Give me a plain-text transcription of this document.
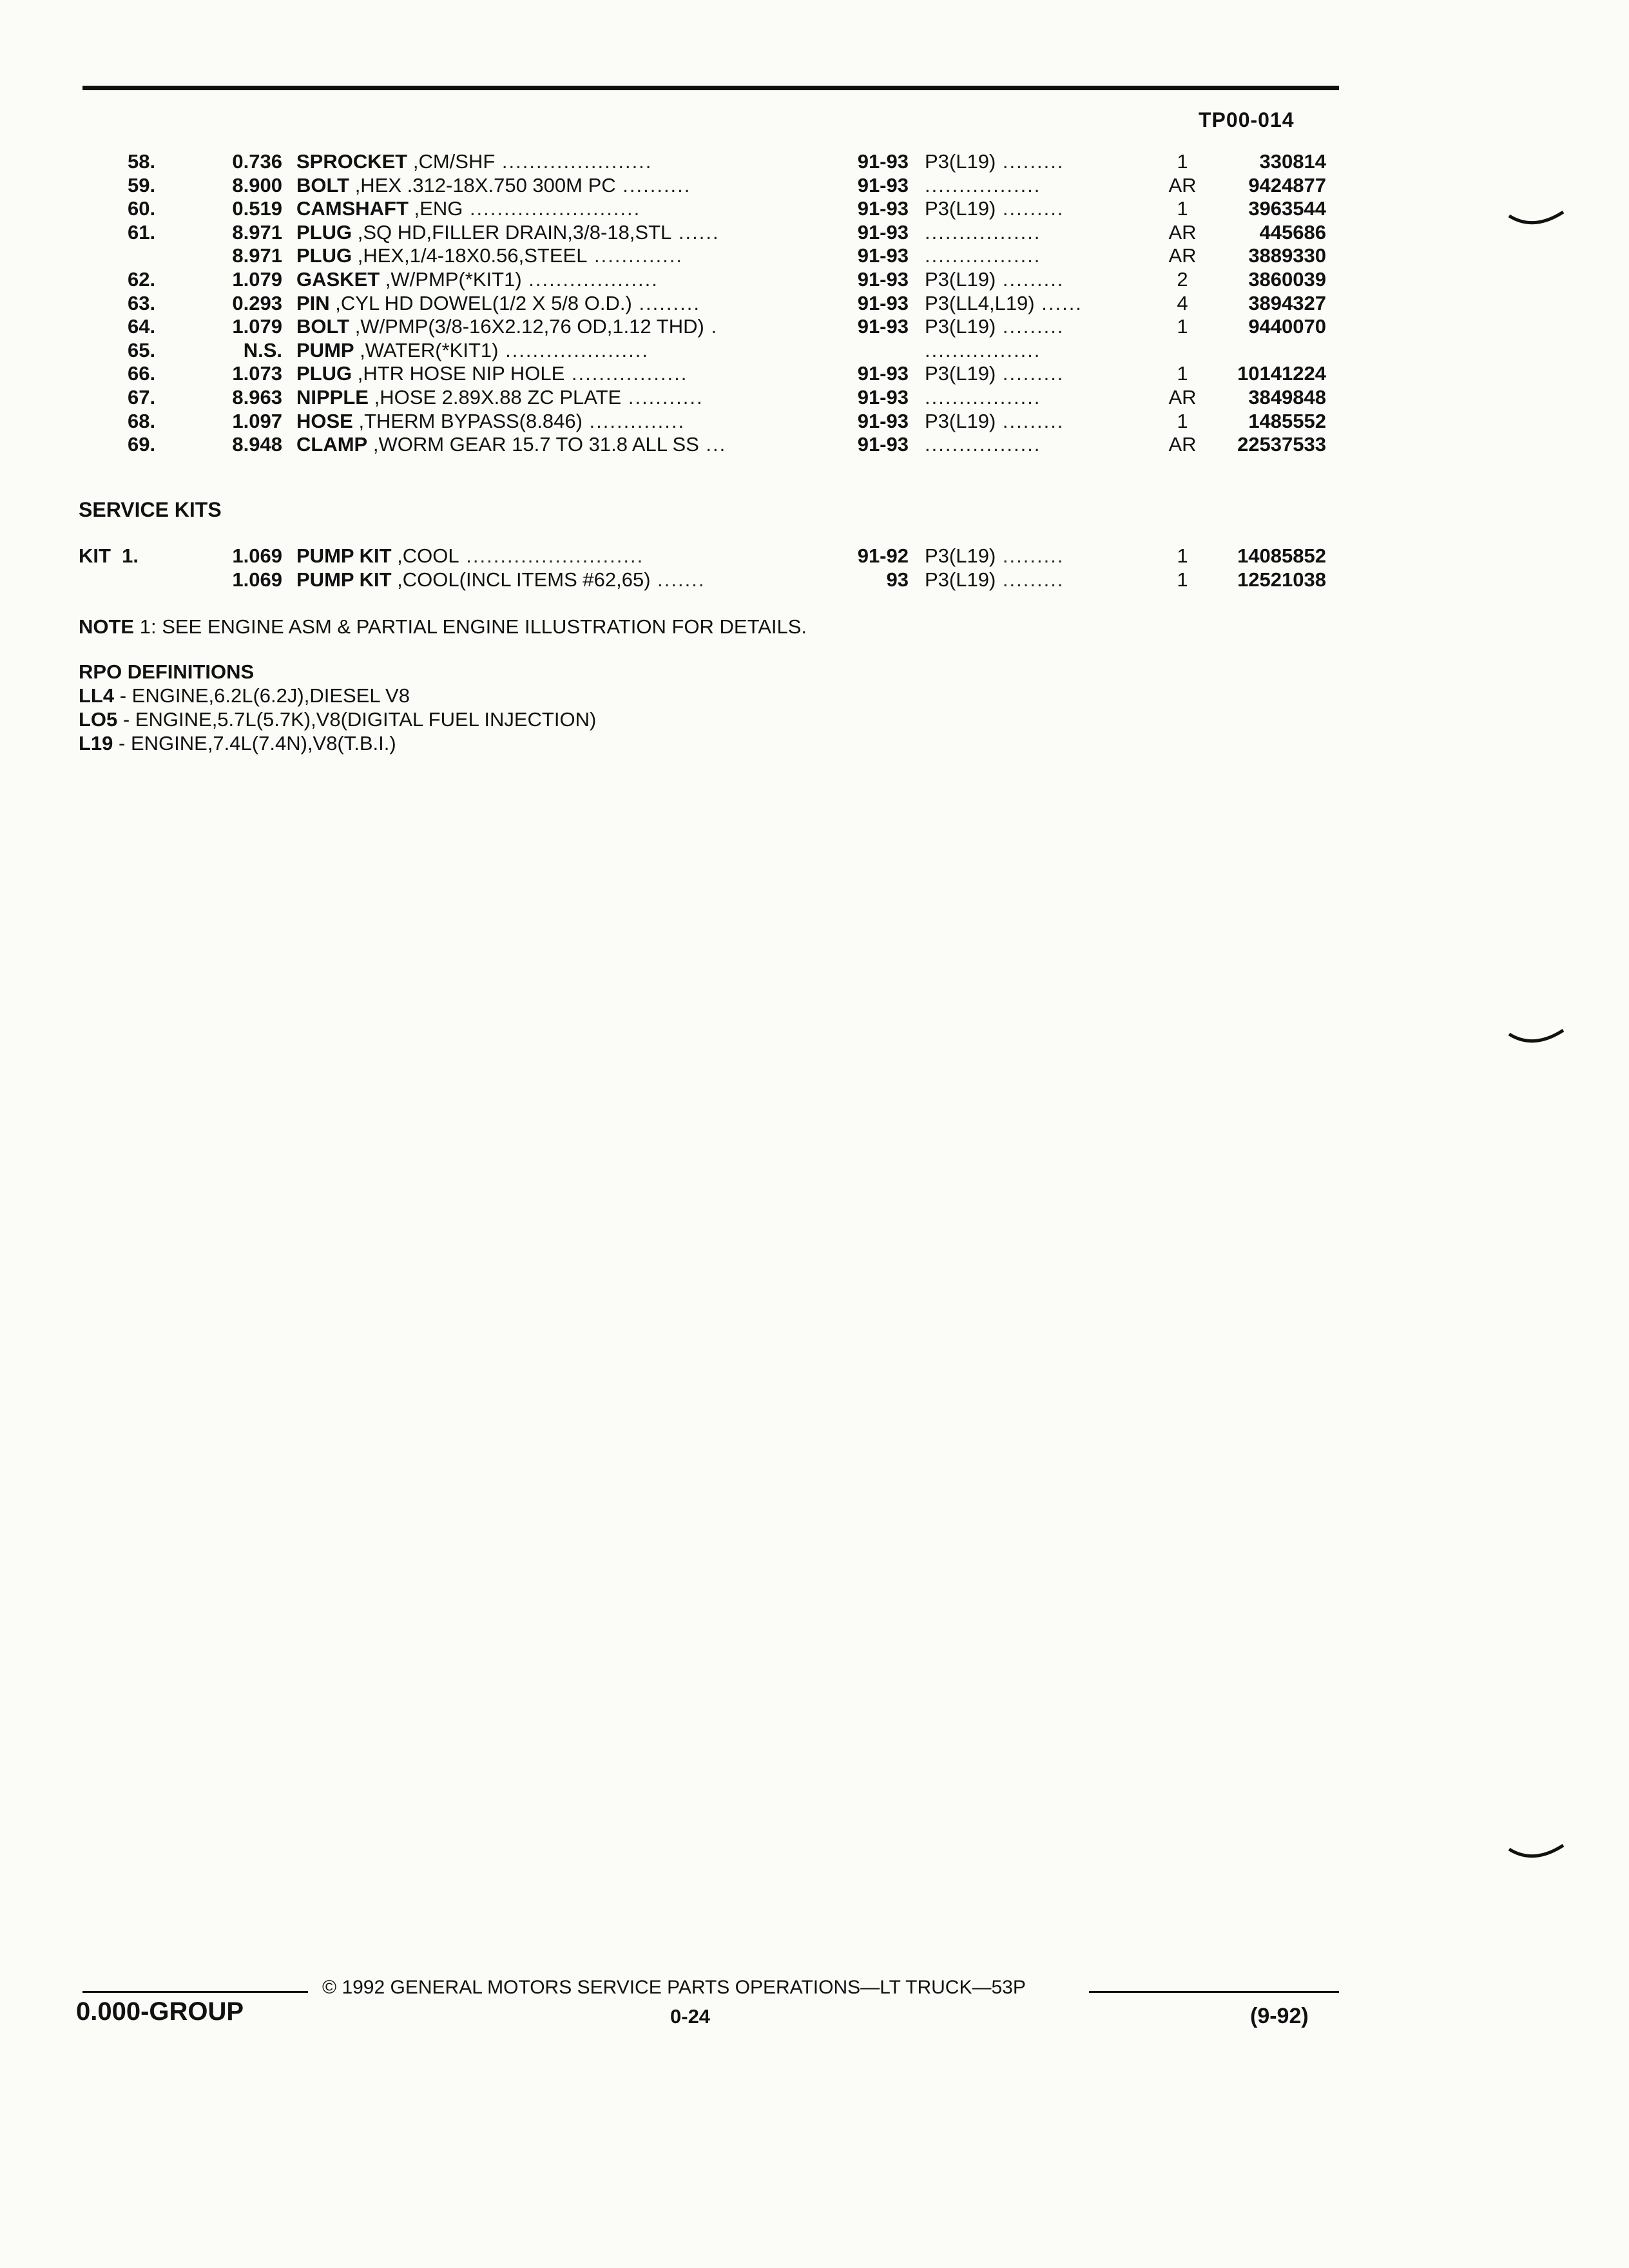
TP00-014
58.	0.736 SPROCKET ,CM/SHF ......................	91-93 P3(L19) .........	1	330814
59.	8.900 BOLT ,HEX .312-18X.750 300M PC ..........	91-93 .................	AR	9424877
60.	0.519 CAMSHAFT ,ENG .........................	91-93 P3(L19) .........	1	3963544
61.	8.971 PLUG ,SQ HD,FILLER DRAIN,3/8-18,STL ......	91-93 .................	AR	445686
8.971 PLUG ,HEX,1/4-18X0.56,STEEL .............	91-93 .................	AR	3889330
62.	1.079 GASKET ,W/PMP(*KIT1) ...................	91-93 P3(L19) .........	2	3860039
63.	0.293 PIN ,CYL HD DOWEL(1/2 X 5/8 O.D.) .........	91-93 P3(LL4,L19) ......	4	3894327
64.	1.079 BOLT ,W/PMP(3/8-16X2.12,76 OD,1.12 THD) .	91-93 P3(L19) .........	1	9440070
65.	N.S. PUMP ,WATER(*KIT1) .....................	.................
66.	1.073 PLUG ,HTR HOSE NIP HOLE .................	91-93 P3(L19) .........	1	10141224
67.	8.963 NIPPLE ,HOSE 2.89X.88 ZC PLATE ...........	91-93 .................	AR	3849848
68.	1.097 HOSE ,THERM BYPASS(8.846) ..............	91-93 P3(L19) .........	1	1485552
69.	8.948 CLAMP ,WORM GEAR 15.7 TO 31.8 ALL SS ...	91-93 .................	AR	22537533
SERVICE KITS
KIT 1.	1.069 PUMP KIT ,COOL ..........................	91-92 P3(L19) .........	1	14085852
1.069 PUMP KIT ,COOL(INCL ITEMS #62,65) .......	93 P3(L19) .........	1	12521038
NOTE 1: SEE ENGINE ASM & PARTIAL ENGINE ILLUSTRATION FOR DETAILS.
RPO DEFINITIONS
LL4 - ENGINE,6.2L(6.2J),DIESEL V8
LO5 - ENGINE,5.7L(5.7K),V8(DIGITAL FUEL INJECTION)
L19 - ENGINE,7.4L(7.4N),V8(T.B.I.)
© 1992 GENERAL MOTORS SERVICE PARTS OPERATIONS—LT TRUCK—53P
0.000-GROUP	0-24	(9-92)
